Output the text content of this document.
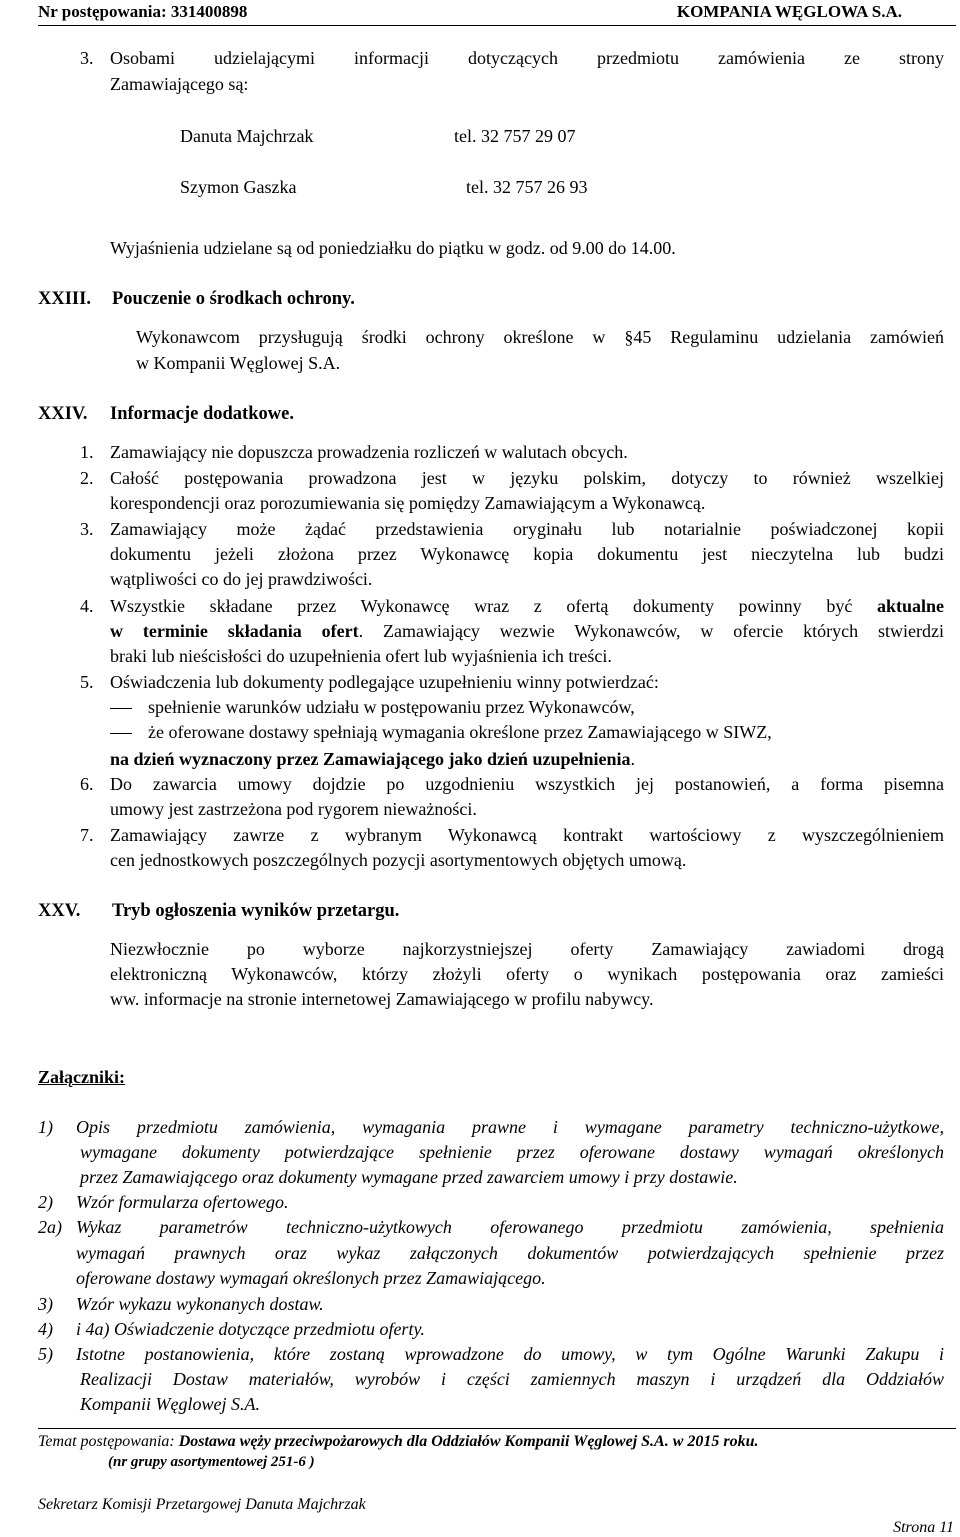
Nr postępowania: 331400898	KOMPANIA WĘGLOWA S.A.
3. Osobami udzielającymi informacji dotyczących przedmiotu zamówienia ze strony
Zamawiającego są:
Danuta Majchrzak	tel. 32 757 29 07
Szymon Gaszka	tel. 32 757 26 93
Wyjaśnienia udzielane są od poniedziałku do piątku w godz. od 9.00 do 14.00.
XXIII. Pouczenie o środkach ochrony.
Wykonawcom przysługują środki ochrony określone w §45 Regulaminu udzielania zamówień
w Kompanii Węglowej S.A.
XXIV. Informacje dodatkowe.
1. Zamawiający nie dopuszcza prowadzenia rozliczeń w walutach obcych.
2. Całość postępowania prowadzona jest w języku polskim, dotyczy to również wszelkiej
korespondencji oraz porozumiewania się pomiędzy Zamawiającym a Wykonawcą.
3. Zamawiający może żądać przedstawienia oryginału lub notarialnie poświadczonej kopii
dokumentu jeżeli złożona przez Wykonawcę kopia dokumentu jest nieczytelna lub budzi
wątpliwości co do jej prawdziwości.
4. Wszystkie składane przez Wykonawcę wraz z ofertą dokumenty powinny być aktualne
w terminie składania ofert. Zamawiający wezwie Wykonawców, w ofercie których stwierdzi
braki lub nieścisłości do uzupełnienia ofert lub wyjaśnienia ich treści.
5. Oświadczenia lub dokumenty podlegające uzupełnieniu winny potwierdzać:
spełnienie warunków udziału w postępowaniu przez Wykonawców,
że oferowane dostawy spełniają wymagania określone przez Zamawiającego w SIWZ,
na dzień wyznaczony przez Zamawiającego jako dzień uzupełnienia.
6. Do zawarcia umowy dojdzie po uzgodnieniu wszystkich jej postanowień, a forma pisemna
umowy jest zastrzeżona pod rygorem nieważności.
7. Zamawiający zawrze z wybranym Wykonawcą kontrakt wartościowy z wyszczególnieniem
cen jednostkowych poszczególnych pozycji asortymentowych objętych umową.
XXV. Tryb ogłoszenia wyników przetargu.
Niezwłocznie po wyborze najkorzystniejszej oferty Zamawiający zawiadomi drogą
elektroniczną Wykonawców, którzy złożyli oferty o wynikach postępowania oraz zamieści
ww. informacje na stronie internetowej Zamawiającego w profilu nabywcy.
Załączniki:
1) Opis przedmiotu zamówienia, wymagania prawne i wymagane parametry techniczno-użytkowe,
wymagane dokumenty potwierdzające spełnienie przez oferowane dostawy wymagań określonych
przez Zamawiającego oraz dokumenty wymagane przed zawarciem umowy i przy dostawie.
2) Wzór formularza ofertowego.
2a) Wykaz parametrów techniczno-użytkowych oferowanego przedmiotu zamówienia, spełnienia
wymagań prawnych oraz wykaz załączonych dokumentów potwierdzających spełnienie przez
oferowane dostawy wymagań określonych przez Zamawiającego.
3) Wzór wykazu wykonanych dostaw.
4) i 4a) Oświadczenie dotyczące przedmiotu oferty.
5) Istotne postanowienia, które zostaną wprowadzone do umowy, w tym Ogólne Warunki Zakupu i
Realizacji Dostaw materiałów, wyrobów i części zamiennych maszyn i urządzeń dla Oddziałów
Kompanii Węglowej S.A.
Temat postępowania: Dostawa węży przeciwpożarowych dla Oddziałów Kompanii Węglowej S.A. w 2015 roku.
(nr grupy asortymentowej 251-6 )
Sekretarz Komisji Przetargowej Danuta Majchrzak
Strona 11
